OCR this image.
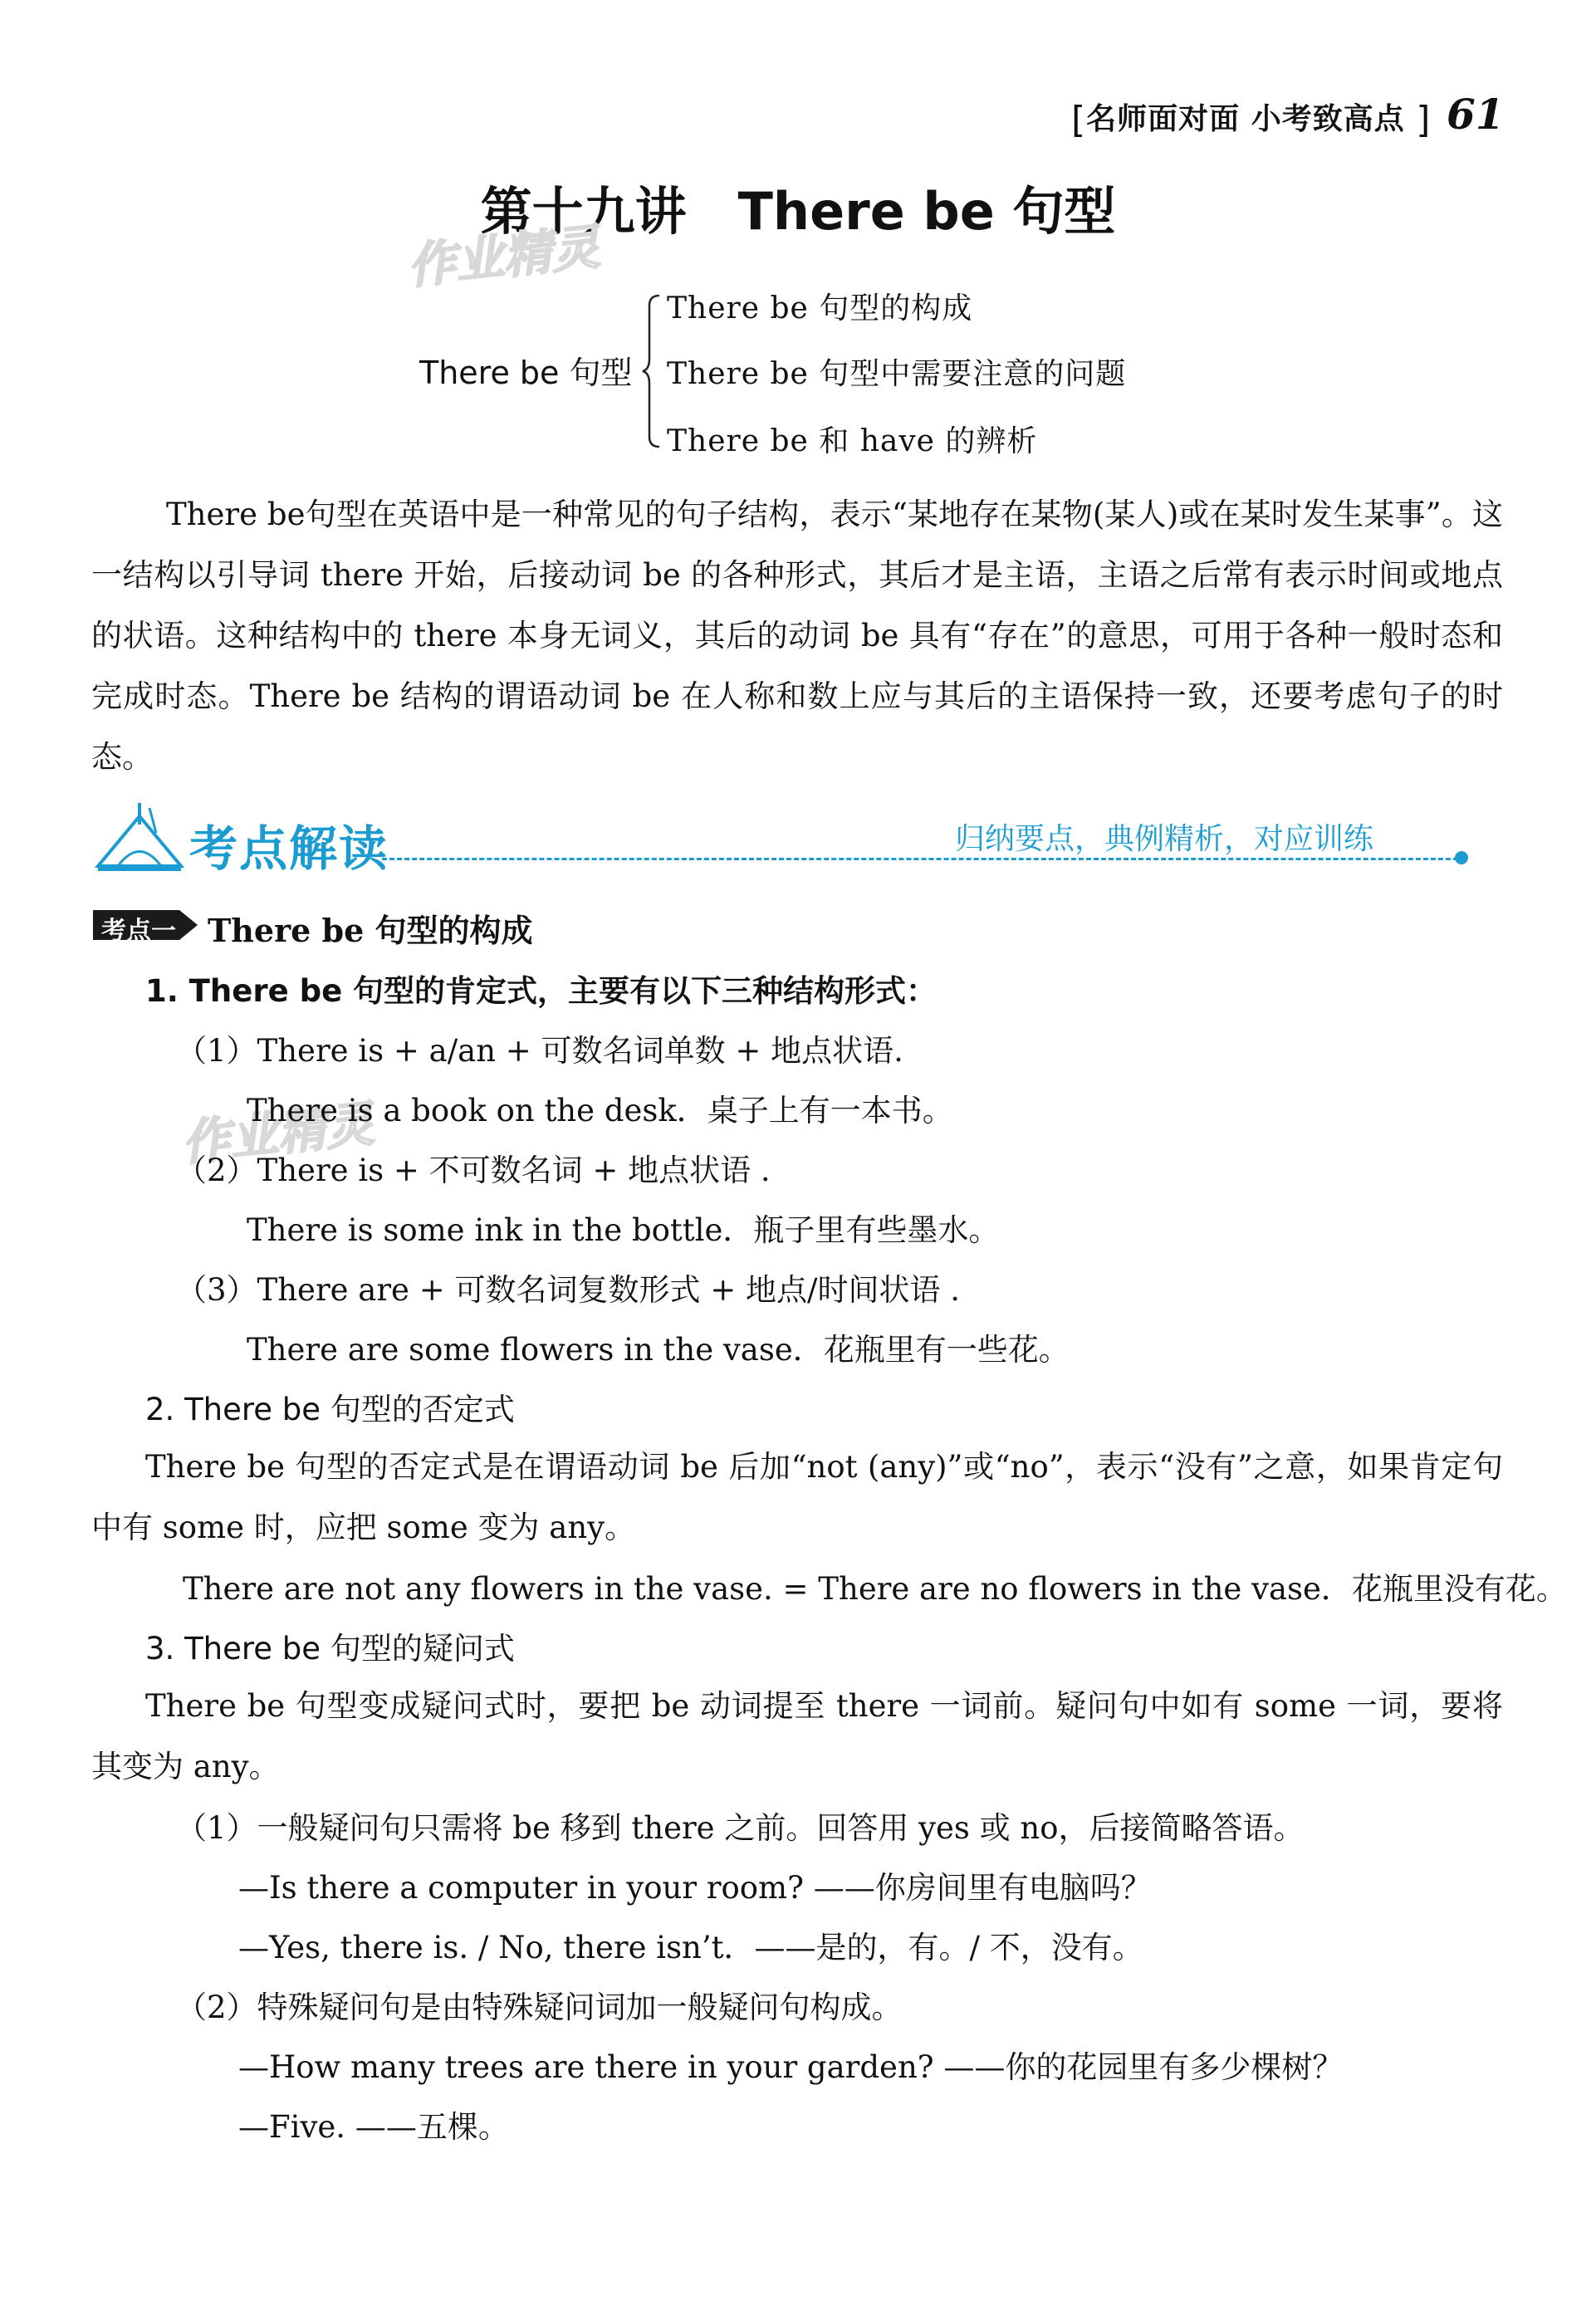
[名师面对面 小考致高点 ] 61
第十九讲　There be 句型
作业精灵
作业精灵
There be 句型
There be 句型的构成
There be 句型中需要注意的问题
There be 和 have 的辨析

There be句型在英语中是一种常见的句子结构，表示“某地存在某物(某人)或在某时发生某事”。这一结构以引导词 there 开始，后接动词 be 的各种形式，其后才是主语，主语之后常有表示时间或地点的状语。这种结构中的 there 本身无词义，其后的动词 be 具有“存在”的意思，可用于各种一般时态和完成时态。There be 结构的谓语动词 be 在人称和数上应与其后的主语保持一致，还要考虑句子的时态。

考点解读	归纳要点，典例精析，对应训练
考点一 There be 句型的构成
1. There be 句型的肯定式，主要有以下三种结构形式：
（1）There is + a/an + 可数名词单数 + 地点状语.
There is a book on the desk．桌子上有一本书。
（2）There is + 不可数名词 + 地点状语 .
There is some ink in the bottle．瓶子里有些墨水。
（3）There are + 可数名词复数形式 + 地点/时间状语 .
There are some flowers in the vase．花瓶里有一些花。
2. There be 句型的否定式

There be 句型的否定式是在谓语动词 be 后加“not (any)”或“no”，表示“没有”之意，如果肯定句中有 some 时，应把 some 变为 any。

There are not any flowers in the vase. = There are no flowers in the vase．花瓶里没有花。
3. There be 句型的疑问式

There be 句型变成疑问式时，要把 be 动词提至 there 一词前。疑问句中如有 some 一词，要将其变为 any。

（1）一般疑问句只需将 be 移到 there 之前。回答用 yes 或 no，后接简略答语。
—Is there a computer in your room? ——你房间里有电脑吗？
—Yes, there is. / No, there isn’t．——是的，有。/ 不，没有。
（2）特殊疑问句是由特殊疑问词加一般疑问句构成。
—How many trees are there in your garden? ——你的花园里有多少棵树？
—Five. ——五棵。
